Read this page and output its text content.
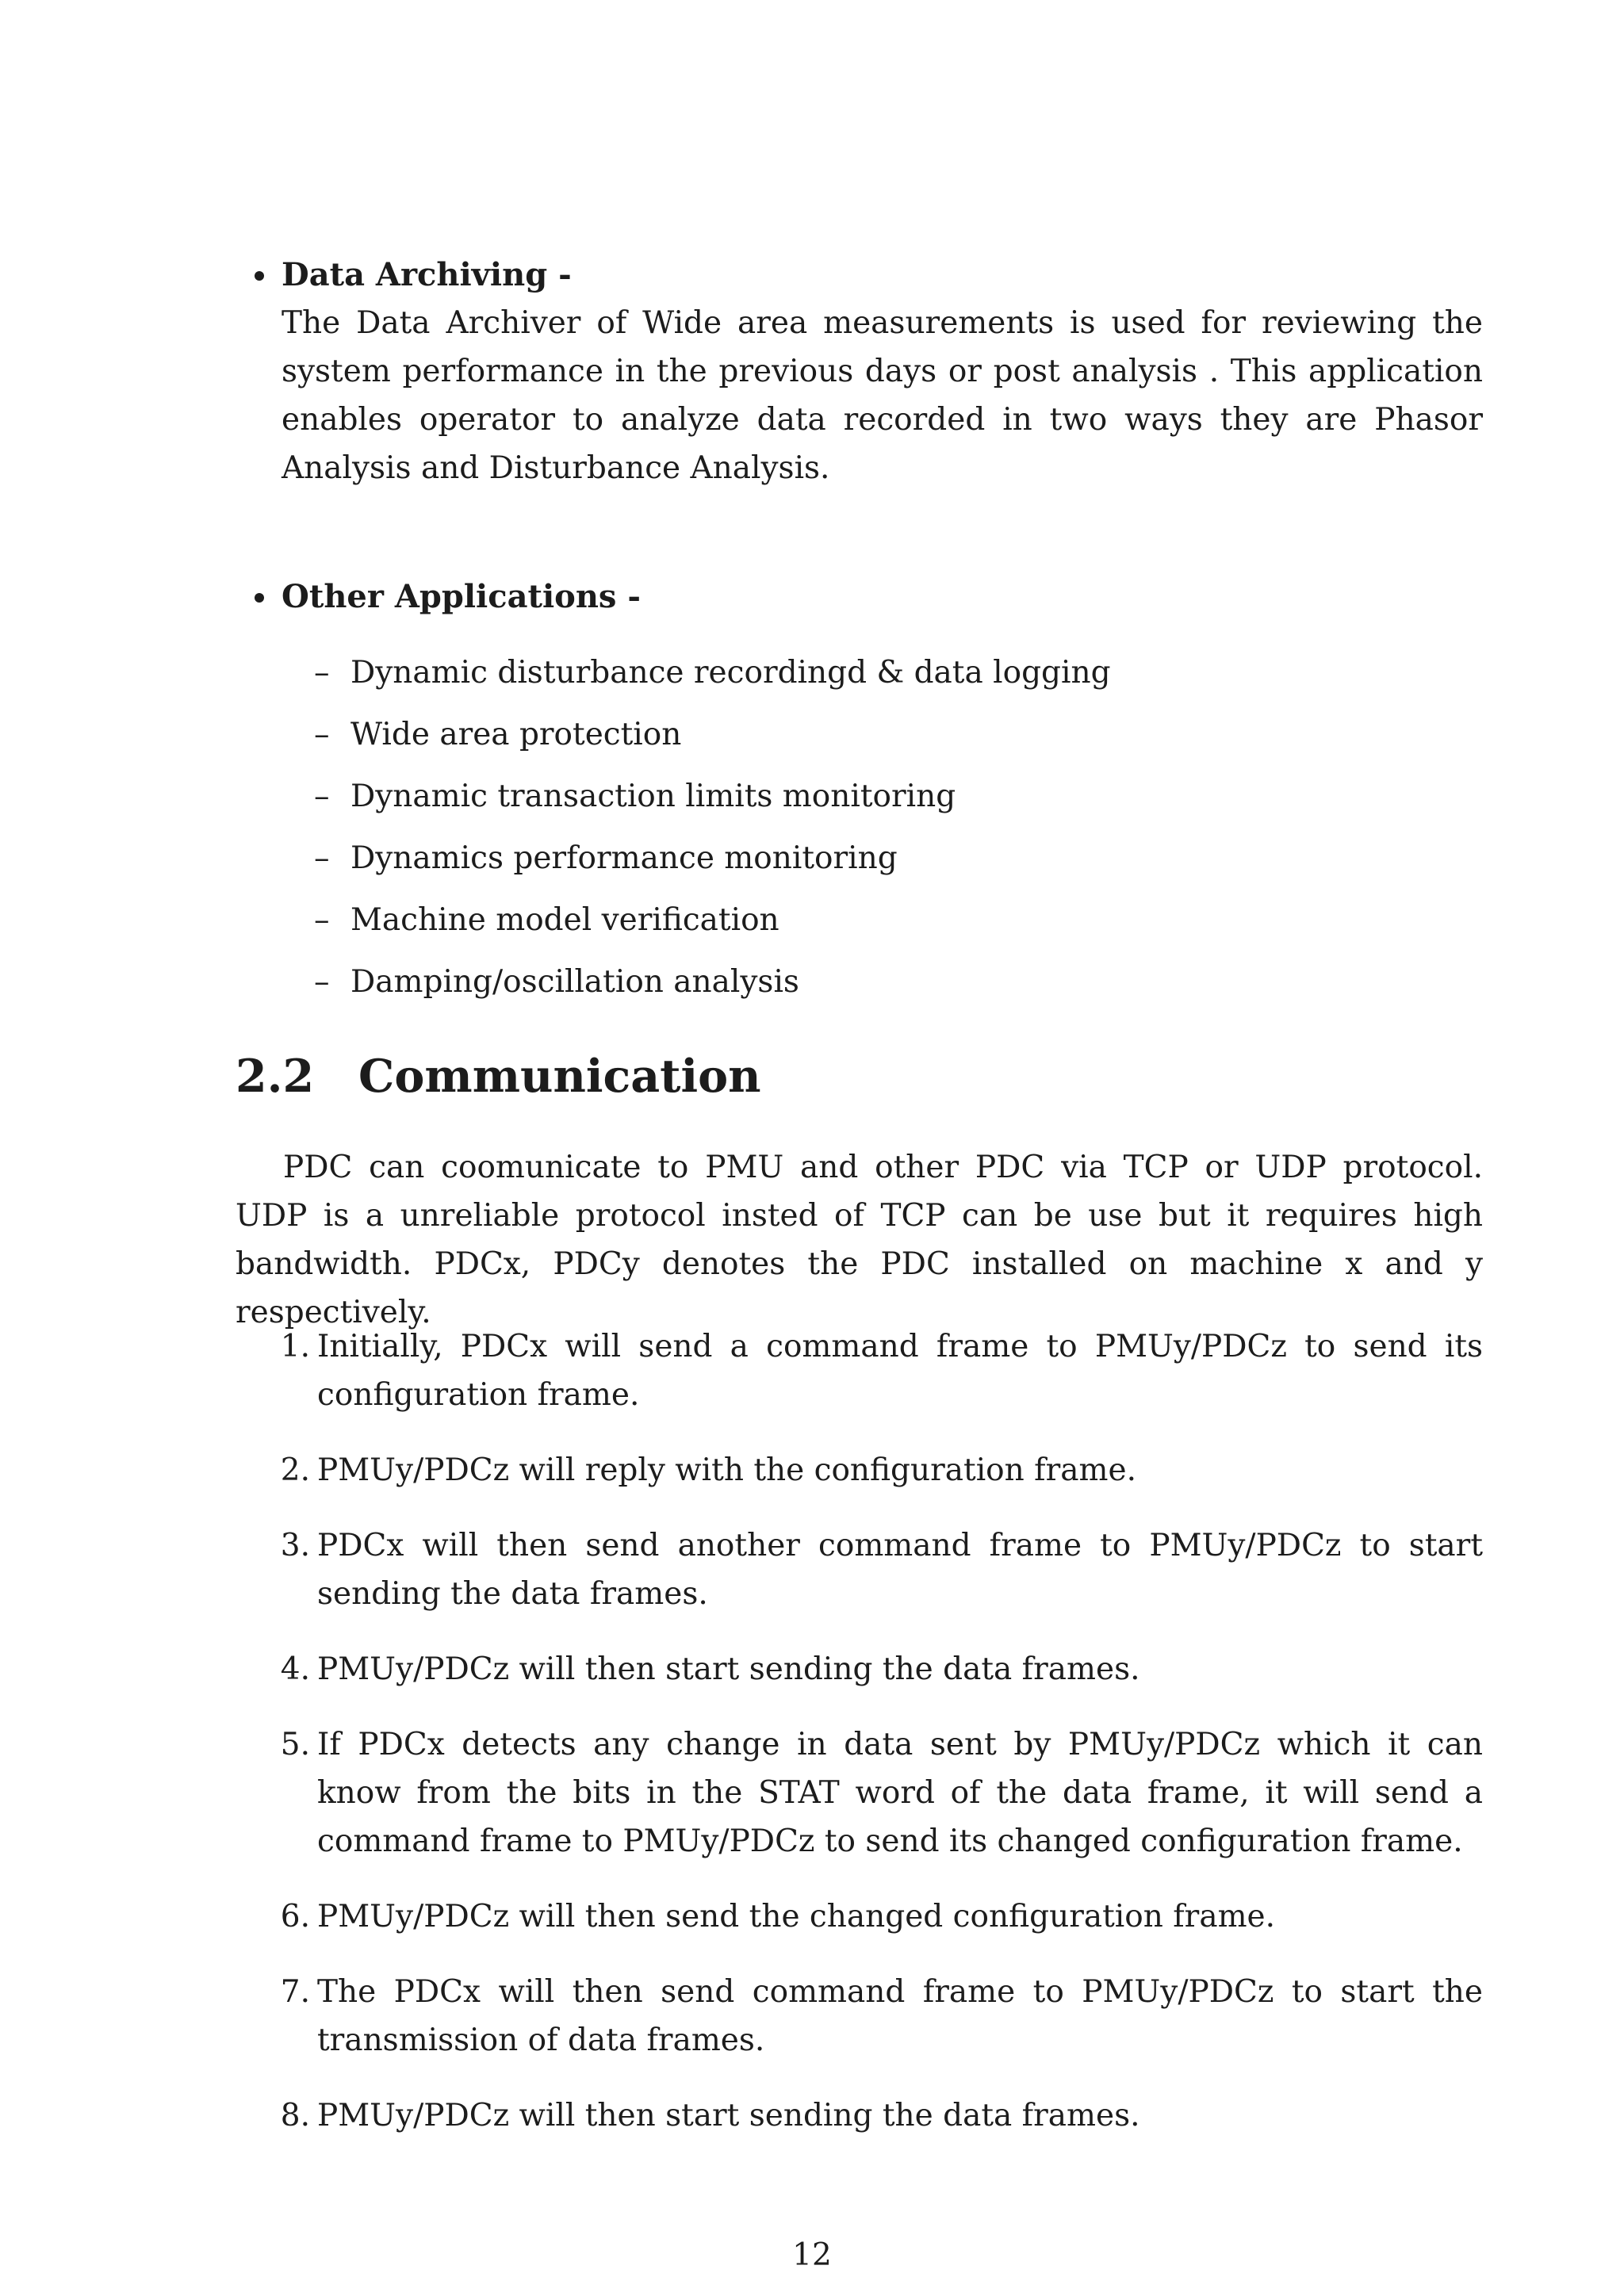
Data Archiving -
The Data Archiver of Wide area measurements is used for reviewing the system performance in the previous days or post analysis . This application enables operator to analyze data recorded in two ways they are Phasor Analysis and Disturbance Analysis.
Other Applications -
– Dynamic disturbance recordingd & data logging
– Wide area protection
– Dynamic transaction limits monitoring
– Dynamics performance monitoring
– Machine model verification
– Damping/oscillation analysis
2.2 Communication
PDC can coomunicate to PMU and other PDC via TCP or UDP protocol. UDP is a unreliable protocol insted of TCP can be use but it requires high bandwidth. PDCx, PDCy denotes the PDC installed on machine x and y respectively.
1. Initially, PDCx will send a command frame to PMUy/PDCz to send its configuration frame.
2. PMUy/PDCz will reply with the configuration frame.
3. PDCx will then send another command frame to PMUy/PDCz to start sending the data frames.
4. PMUy/PDCz will then start sending the data frames.
5. If PDCx detects any change in data sent by PMUy/PDCz which it can know from the bits in the STAT word of the data frame, it will send a command frame to PMUy/PDCz to send its changed configuration frame.
6. PMUy/PDCz will then send the changed configuration frame.
7. The PDCx will then send command frame to PMUy/PDCz to start the transmission of data frames.
8. PMUy/PDCz will then start sending the data frames.
12
